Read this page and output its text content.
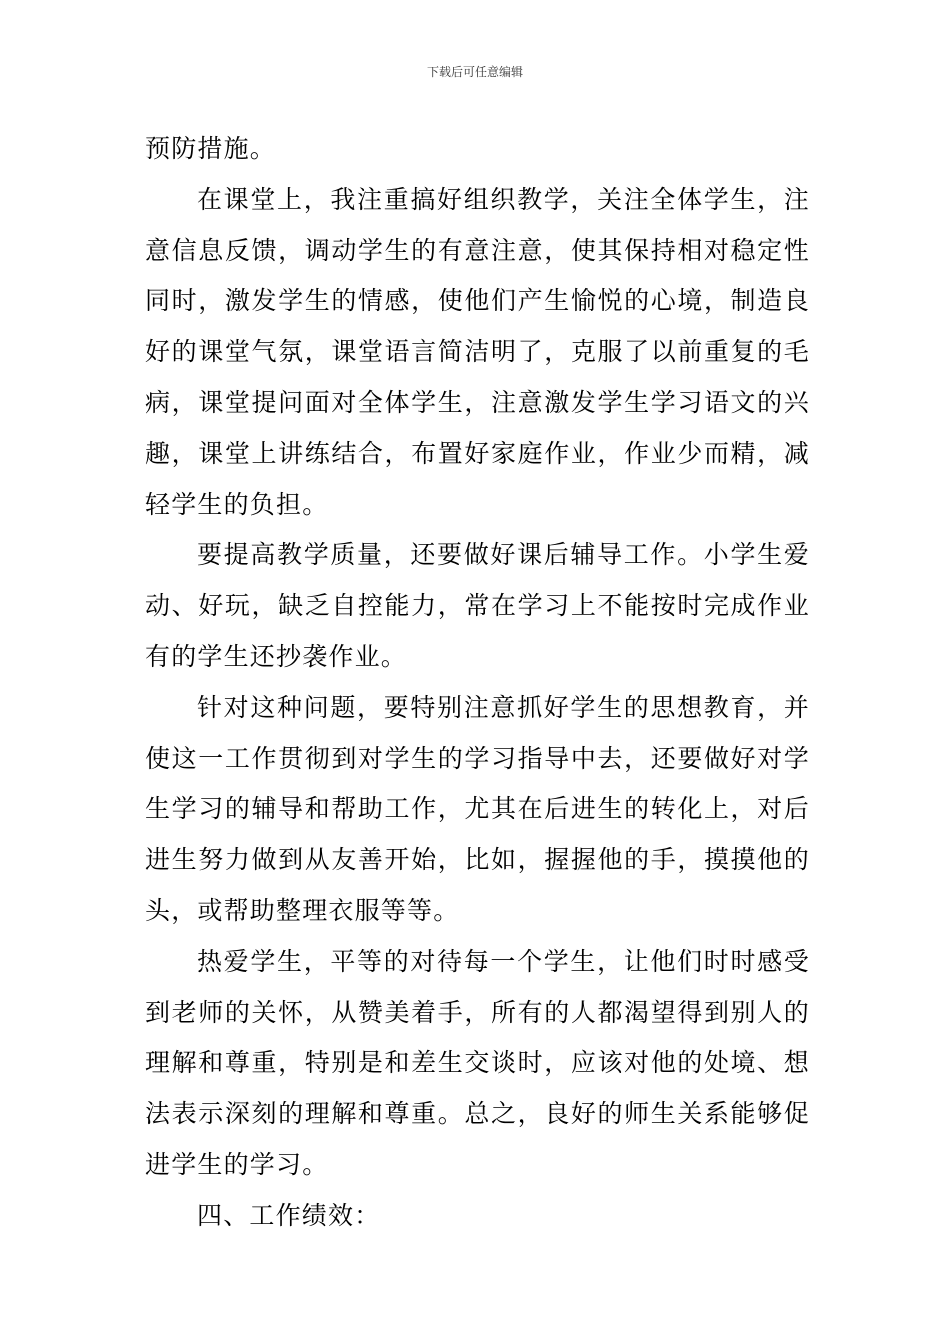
下载后可任意编辑

预防措施。

在课堂上，我注重搞好组织教学，关注全体学生，注意信息反馈，调动学生的有意注意，使其保持相对稳定性同时，激发学生的情感，使他们产生愉悦的心境，制造良好的课堂气氛，课堂语言简洁明了，克服了以前重复的毛病，课堂提问面对全体学生，注意激发学生学习语文的兴趣，课堂上讲练结合，布置好家庭作业，作业少而精，减轻学生的负担。

要提高教学质量，还要做好课后辅导工作。小学生爱动、好玩，缺乏自控能力，常在学习上不能按时完成作业有的学生还抄袭作业。

针对这种问题，要特别注意抓好学生的思想教育，并使这一工作贯彻到对学生的学习指导中去，还要做好对学生学习的辅导和帮助工作，尤其在后进生的转化上，对后进生努力做到从友善开始，比如，握握他的手，摸摸他的头，或帮助整理衣服等等。

热爱学生，平等的对待每一个学生，让他们时时感受到老师的关怀，从赞美着手，所有的人都渴望得到别人的理解和尊重，特别是和差生交谈时，应该对他的处境、想法表示深刻的理解和尊重。总之，良好的师生关系能够促进学生的学习。

四、工作绩效：
